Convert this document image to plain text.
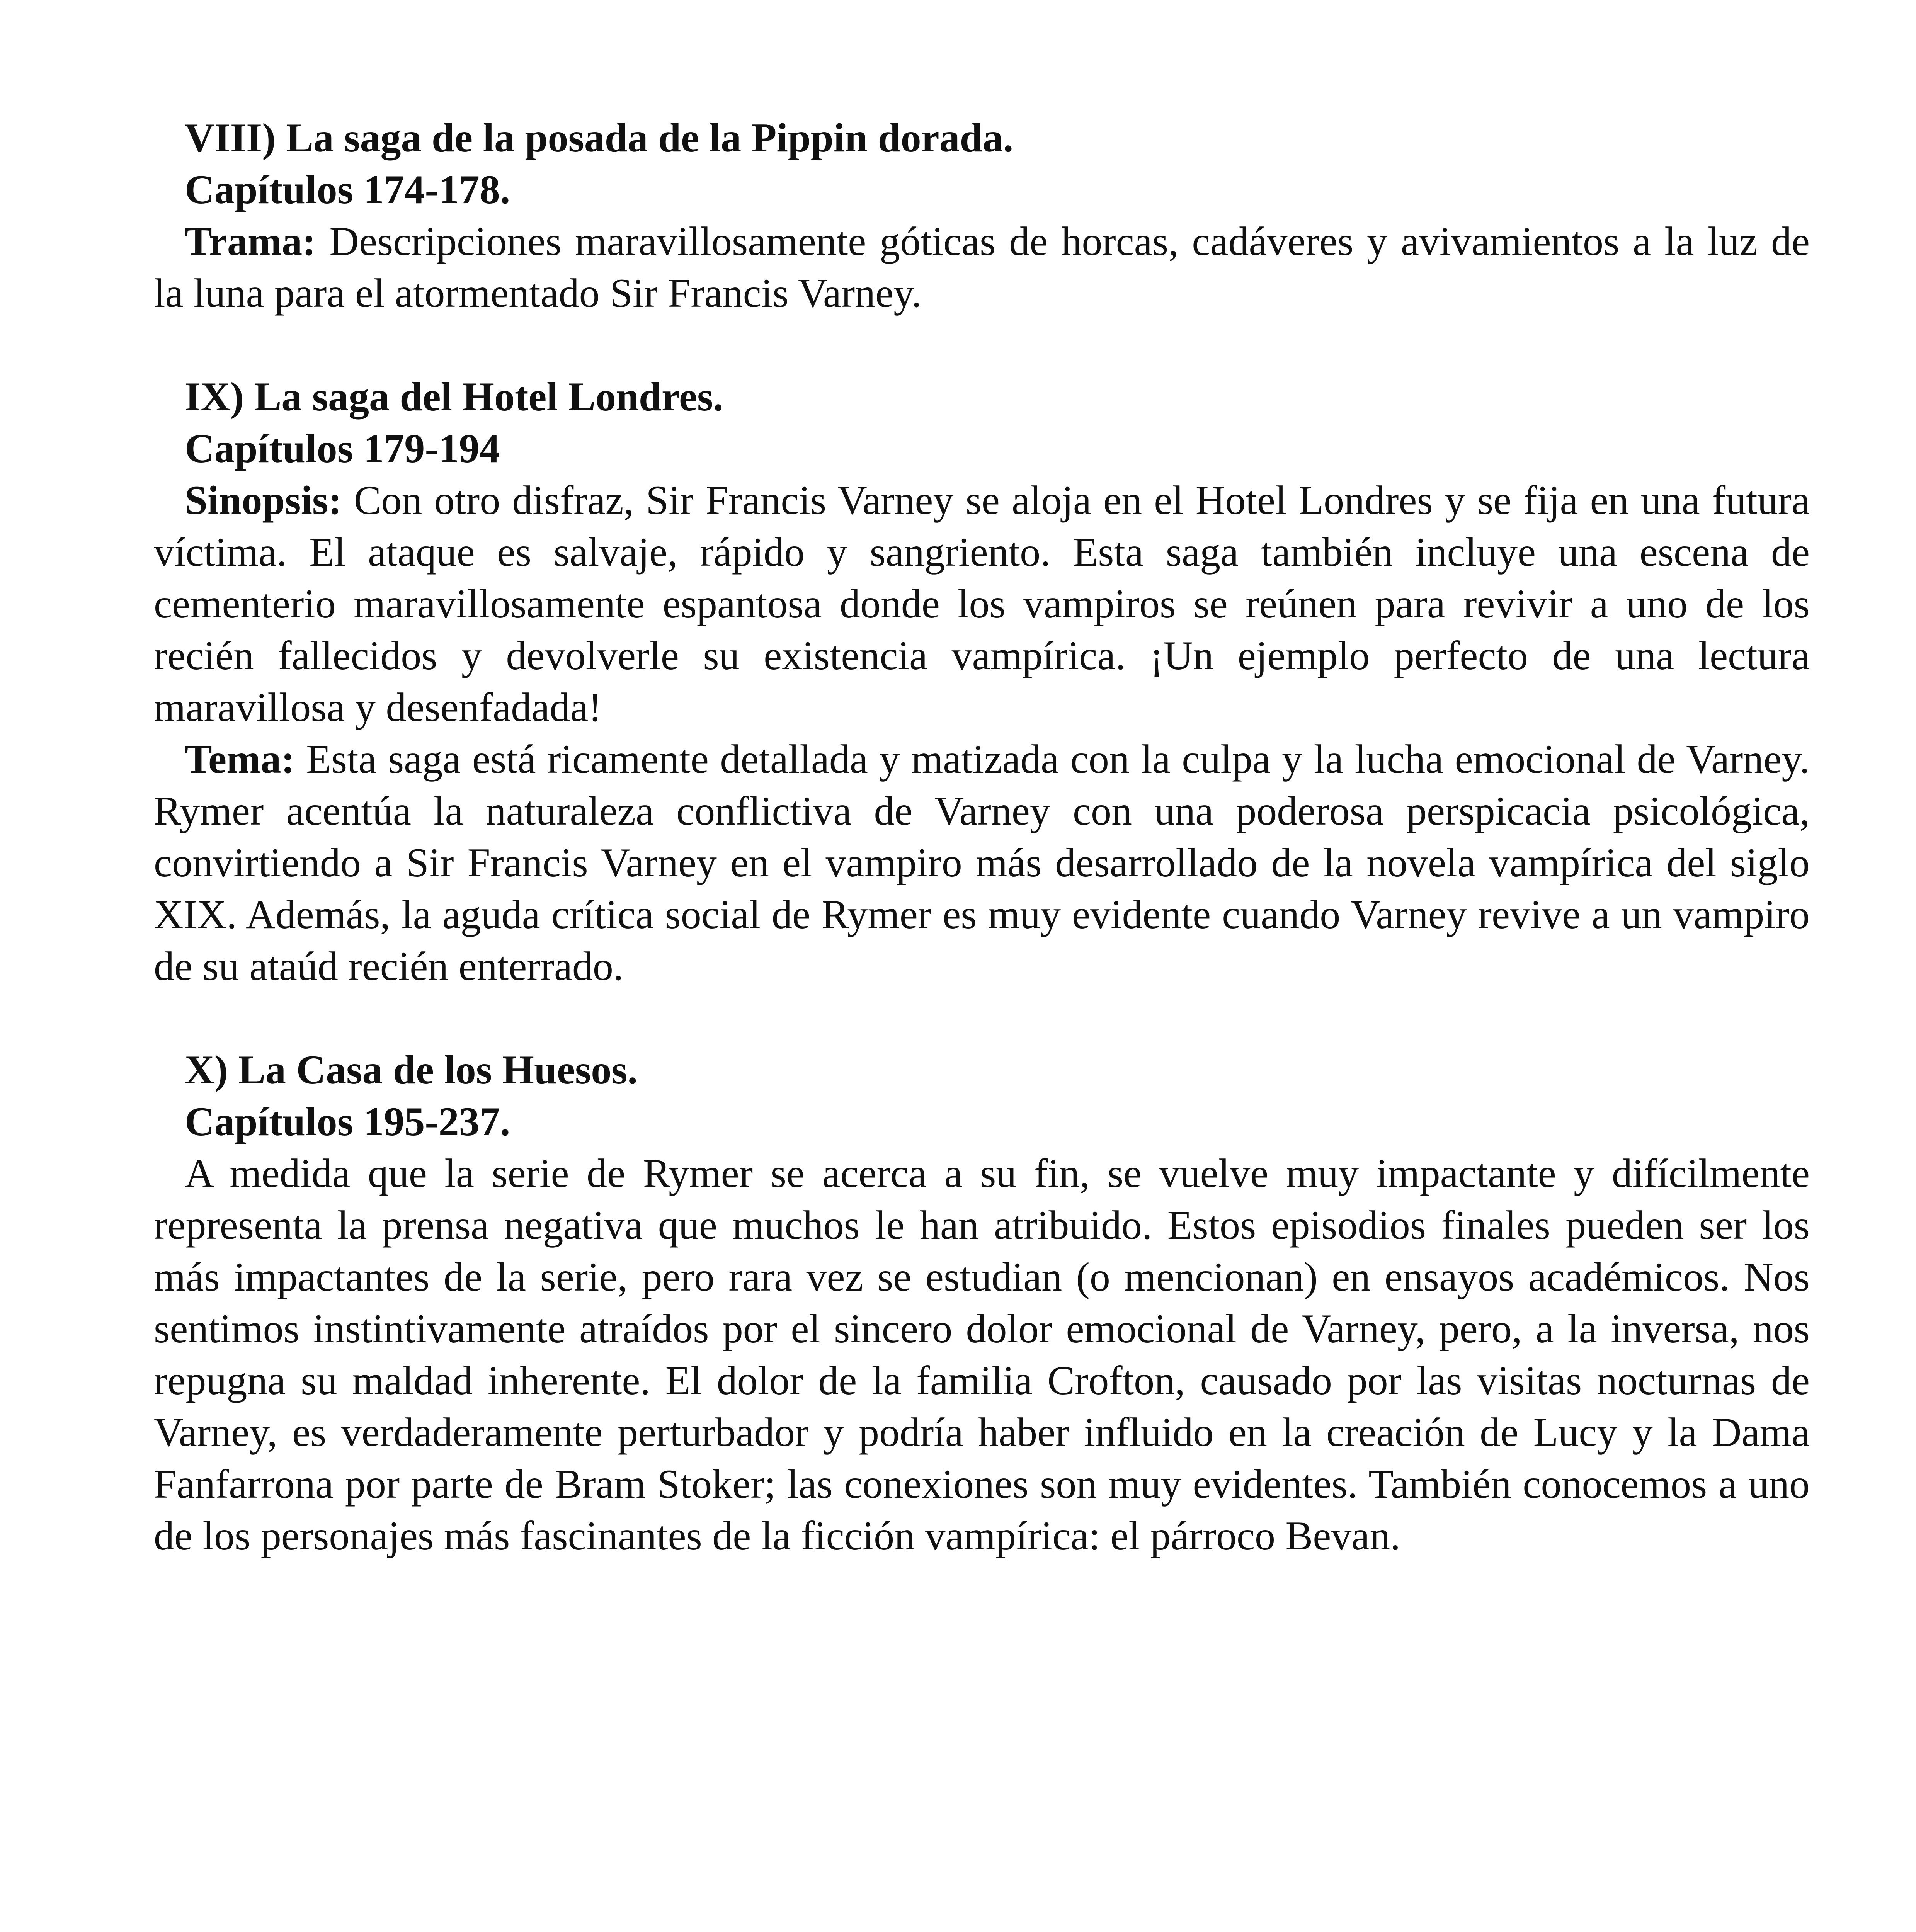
VIII) La saga de la posada de la Pippin dorada.

Capítulos 174-178.

Trama: Descripciones maravillosamente góticas de horcas, cadáveres y avivamientos a la luz de la luna para el atormentado Sir Francis Varney.

IX) La saga del Hotel Londres.

Capítulos 179-194

Sinopsis: Con otro disfraz, Sir Francis Varney se aloja en el Hotel Londres y se fija en una futura víctima. El ataque es salvaje, rápido y sangriento. Esta saga también incluye una escena de cementerio maravillosamente espantosa donde los vampiros se reúnen para revivir a uno de los recién fallecidos y devolverle su existencia vampírica. ¡Un ejemplo perfecto de una lectura maravillosa y desenfadada!

Tema: Esta saga está ricamente detallada y matizada con la culpa y la lucha emocional de Varney. Rymer acentúa la naturaleza conflictiva de Varney con una poderosa perspicacia psicológica, convirtiendo a Sir Francis Varney en el vampiro más desarrollado de la novela vampírica del siglo XIX. Además, la aguda crítica social de Rymer es muy evidente cuando Varney revive a un vampiro de su ataúd recién enterrado.

X) La Casa de los Huesos.

Capítulos 195-237.

A medida que la serie de Rymer se acerca a su fin, se vuelve muy impactante y difícilmente representa la prensa negativa que muchos le han atribuido. Estos episodios finales pueden ser los más impactantes de la serie, pero rara vez se estudian (o mencionan) en ensayos académicos. Nos sentimos instintivamente atraídos por el sincero dolor emocional de Varney, pero, a la inversa, nos repugna su maldad inherente. El dolor de la familia Crofton, causado por las visitas nocturnas de Varney, es verdaderamente perturbador y podría haber influido en la creación de Lucy y la Dama Fanfarrona por parte de Bram Stoker; las conexiones son muy evidentes. También conocemos a uno de los personajes más fascinantes de la ficción vampírica: el párroco Bevan.
